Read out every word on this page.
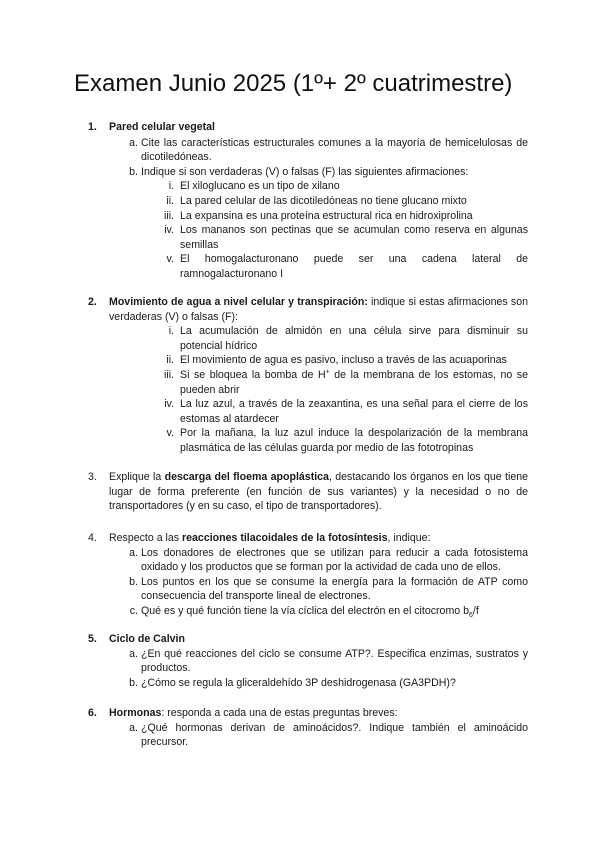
Examen Junio 2025 (1º+ 2º cuatrimestre)
1.	Pared celular vegetal
a. Cite las características estructurales comunes a la mayoría de hemicelulosas de dicotiledóneas.
b. Indique si son verdaderas (V) o falsas (F) las siguientes afirmaciones:
i. El xiloglucano es un tipo de xilano
ii. La pared celular de las dicotiledóneas no tiene glucano mixto
iii. La expansina es una proteína estructural rica en hidroxiprolina
iv. Los mananos son pectinas que se acumulan como reserva en algunas semillas
v. El homogalacturonano puede ser una cadena lateral de ramnogalacturonano I
2.	Movimiento de agua a nivel celular y transpiración: indique si estas afirmaciones son verdaderas (V) o falsas (F):
i. La acumulación de almidón en una célula sirve para disminuir su potencial hídrico
ii. El movimiento de agua es pasivo, incluso a través de las acuaporinas
iii. Si se bloquea la bomba de H+ de la membrana de los estomas, no se pueden abrir
iv. La luz azul, a través de la zeaxantina, es una señal para el cierre de los estomas al atardecer
v. Por la mañana, la luz azul induce la despolarización de la membrana plasmática de las células guarda por medio de las fototropinas
3.	Explique la descarga del floema apoplástica, destacando los órganos en los que tiene lugar de forma preferente (en función de sus variantes) y la necesidad o no de transportadores (y en su caso, el tipo de transportadores).
4.	Respecto a las reacciones tilacoidales de la fotosíntesis, indique:
a. Los donadores de electrones que se utilizan para reducir a cada fotosistema oxidado y los productos que se forman por la actividad de cada uno de ellos.
b. Los puntos en los que se consume la energía para la formación de ATP como consecuencia del transporte lineal de electrones.
c. Qué es y qué función tiene la vía cíclica del electrón en el citocromo $b_6/f$
5.	Ciclo de Calvin
a. ¿En qué reacciones del ciclo se consume ATP?. Especifica enzimas, sustratos y productos.
b. ¿Cómo se regula la gliceraldehído 3P deshidrogenasa (GA3PDH)?
6.	Hormonas: responda a cada una de estas preguntas breves:
a. ¿Qué hormonas derivan de aminoácidos?. Indique también el aminoácido precursor.
